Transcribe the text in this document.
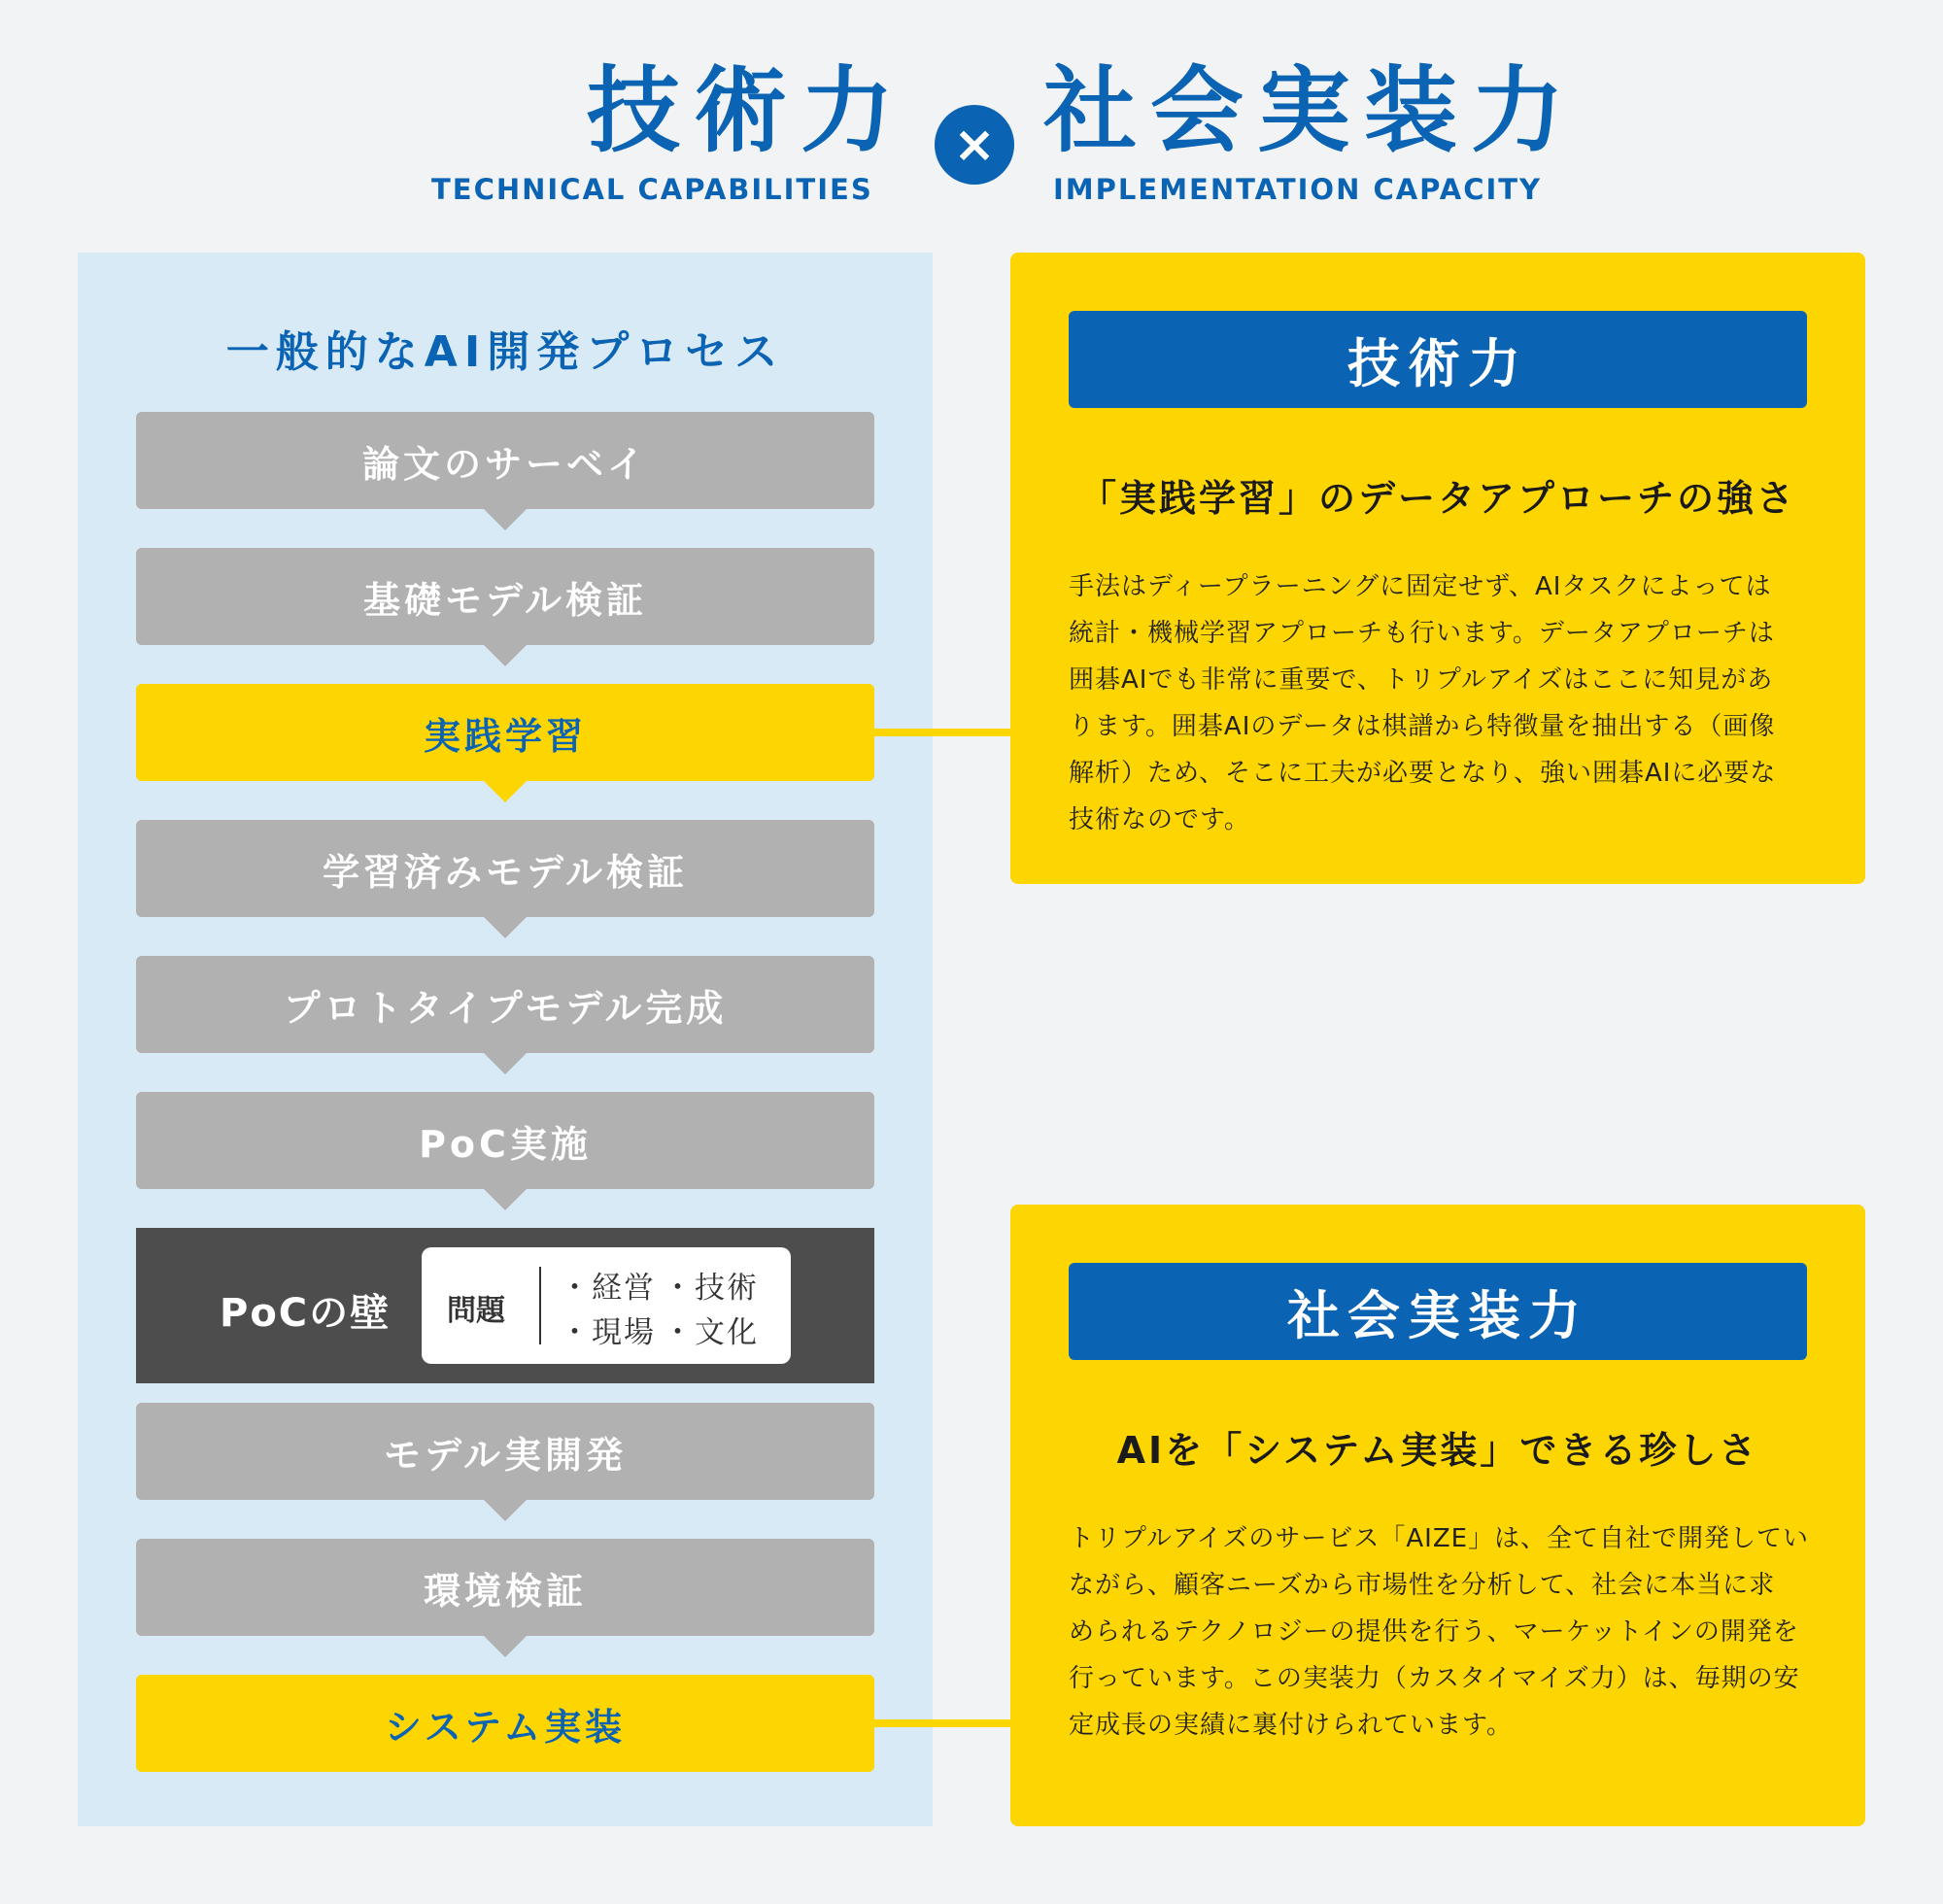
技術力
TECHNICAL CAPABILITIES
× 社会実装力
IMPLEMENTATION CAPACITY
一般的なAI開発プロセス
論文のサーベイ
基礎モデル検証
実践学習
学習済みモデル検証
プロトタイプモデル完成
PoC実施
PoCの壁 問題
・経営 ・技術
・現場 ・文化
モデル実開発
環境検証
システム実装
技術力
「実践学習」のデータアプローチの強さ
手法はディープラーニングに固定せず、AIタスクによっては
統計・機械学習アプローチも行います。データアプローチは
囲碁AIでも非常に重要で、トリプルアイズはここに知見があ
ります。囲碁AIのデータは棋譜から特徴量を抽出する（画像
解析）ため、そこに工夫が必要となり、強い囲碁AIに必要な
技術なのです。
社会実装力
AIを「システム実装」できる珍しさ
トリプルアイズのサービス「AIZE」は、全て自社で開発してい
ながら、顧客ニーズから市場性を分析して、社会に本当に求
められるテクノロジーの提供を行う、マーケットインの開発を
行っています。この実装力（カスタイマイズ力）は、毎期の安
定成長の実績に裏付けられています。
